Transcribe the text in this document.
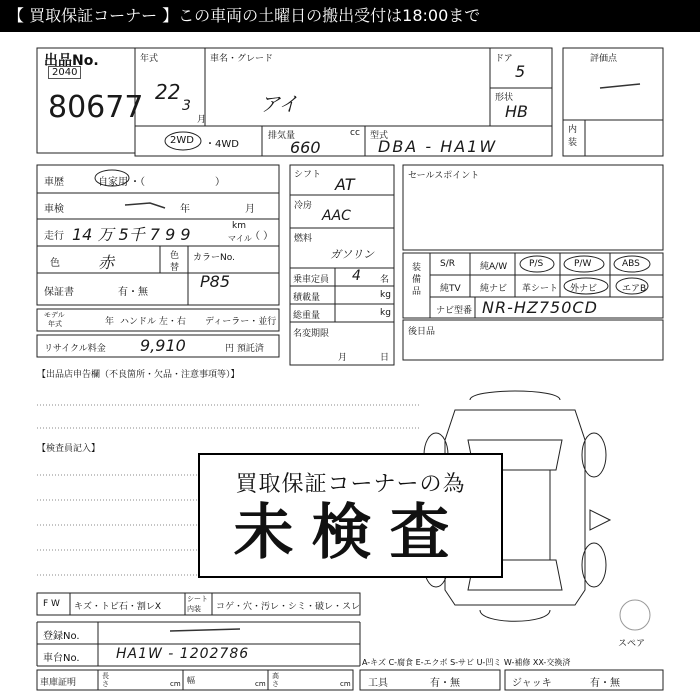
【 買取保証コーナー 】この車両の土曜日の搬出受付は18:00まで
出品No.
2040
80677
年式
22
3
月
車名・グレード
アイ
ドア
5
形状
HB
評価点
内装
2WD ・4WD
排気量	cc
660
型式
DBA - HA1W
車歴	自家用 ・（　　　　　　　）
車検	年	月
走行 14 万 5千 7 9 9	km
マイル
（ ）
色 赤	色
替
カラーNo.
P85
保証書	有・無
モデル
年式	年 ハンドル 左・右 ディーラー・並行
リサイクル料金 9,910	円 預託済
シフト AT
冷房
AAC
燃料
ガソリン
乗車定員 4 名
積載量	kg
総重量	kg
名変期限
月	日
セールスポイント
装備品
S/R	純A/W P/S	P/W	ABS
純TV 純ナビ 革シート 外ナビ	エアB
ナビ型番 NR-HZ750CD
後日品
【出品店申告欄（不良箇所・欠品・注意事項等）】
【検査員記入】
買取保証コーナーの為
未検査
F W キズ・トビ石・割レX
シート内装	コゲ・穴・汚レ・シミ・破レ・スレ
登録No.
車台No.	HA1W - 1202786
車庫証明
長さ	cm 幅	cm
高さ	cm
A-キズ C-腐食 E-エクボ S-サビ U-凹ミ W-補修 XX-交換済
工具	有・無	ジャッキ	有・無
スペア
